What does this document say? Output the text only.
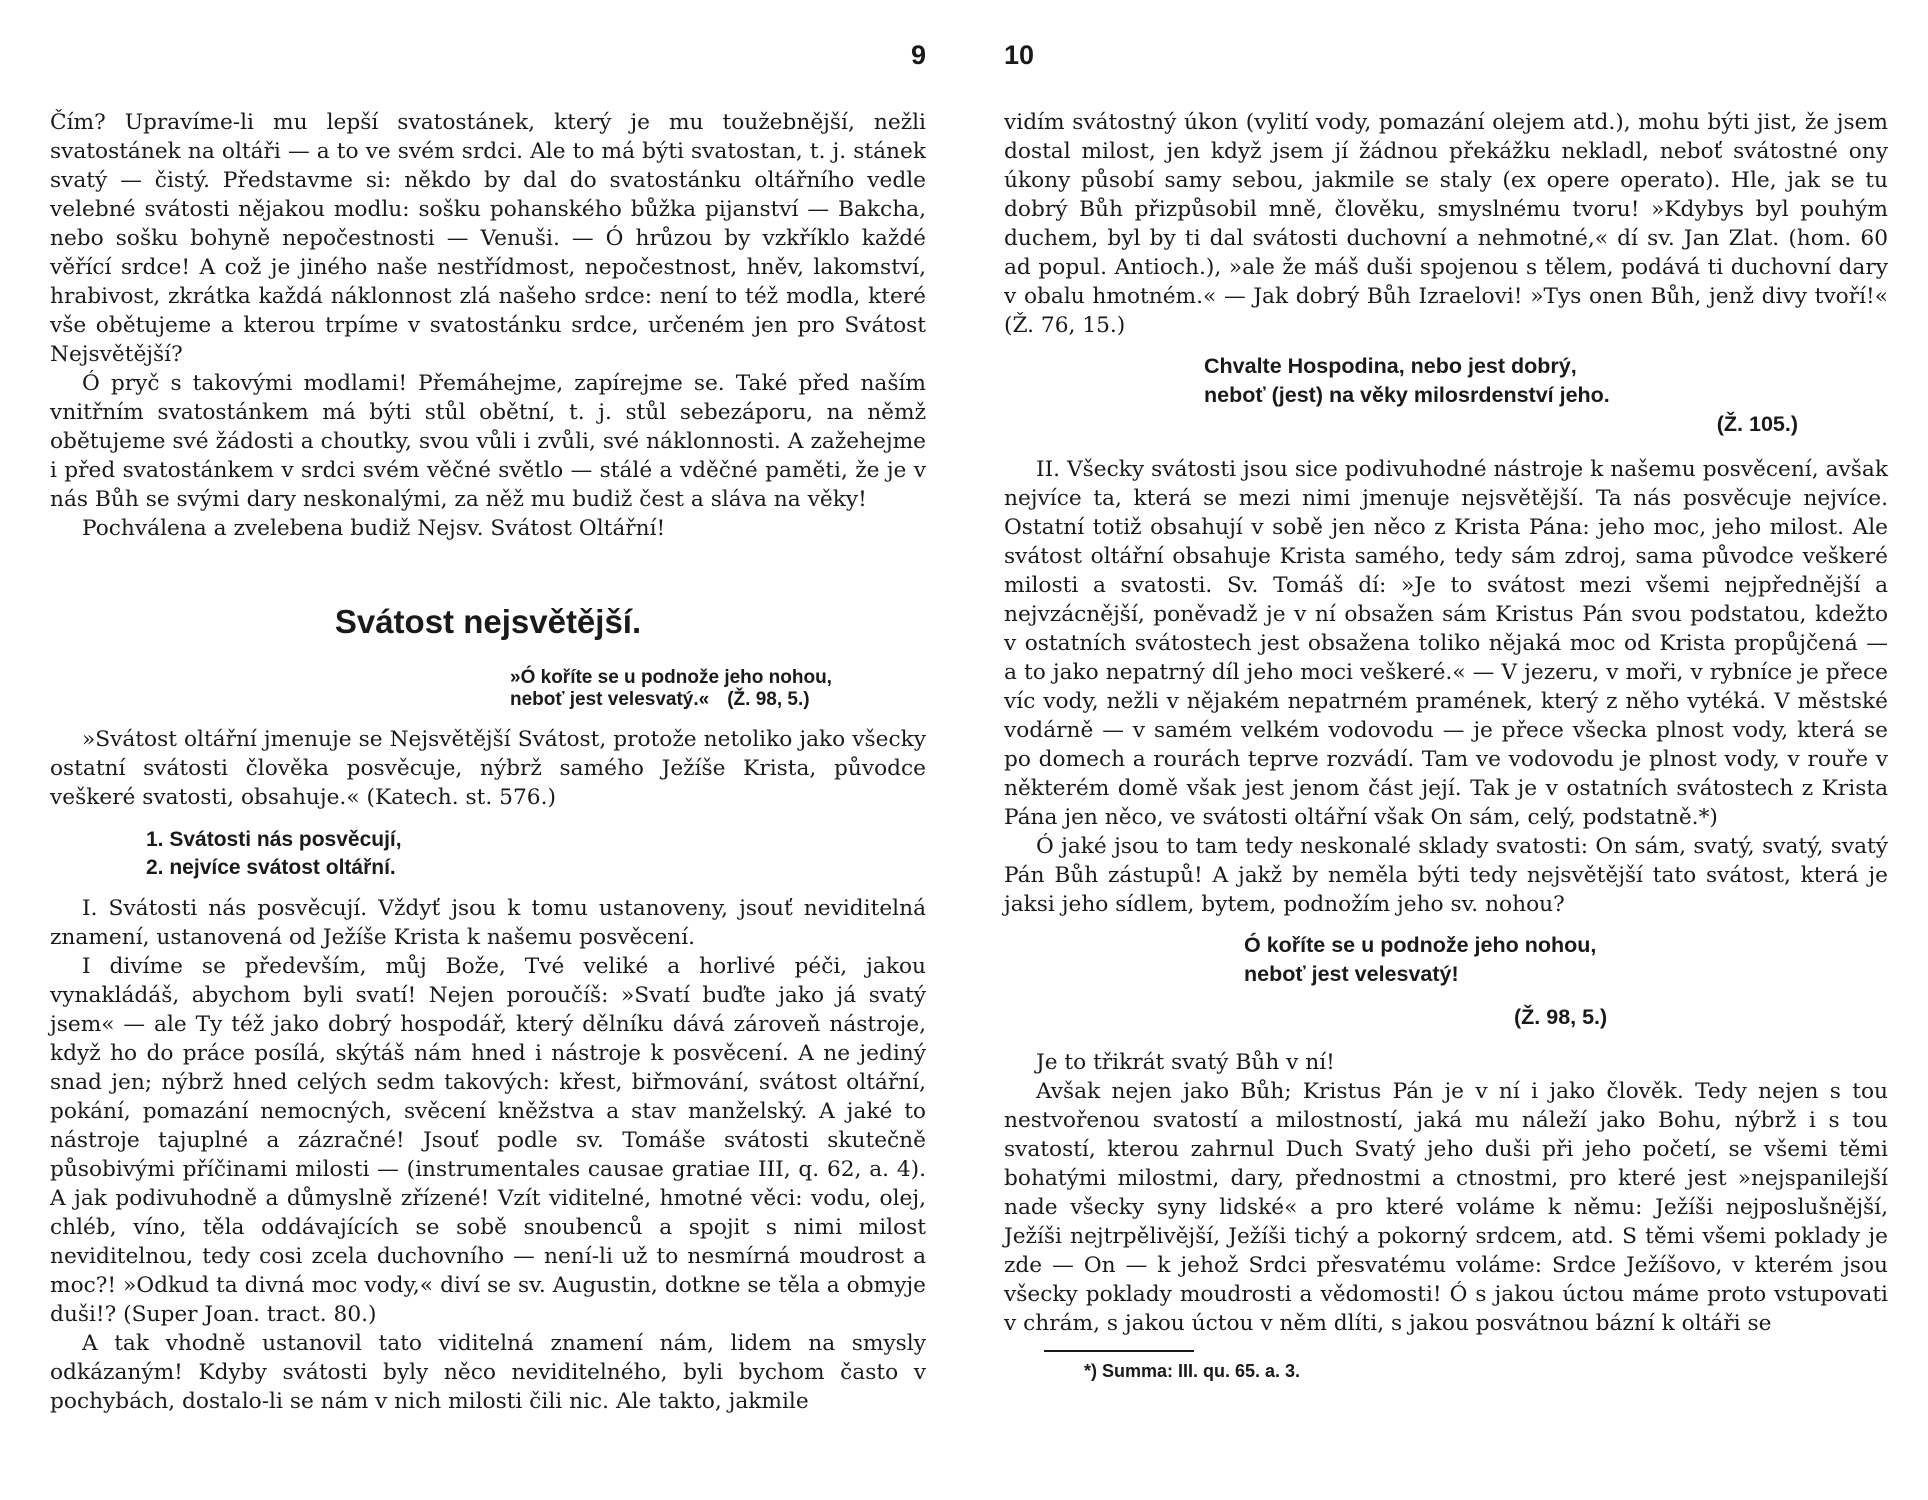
9

Čím? Upravíme-li mu lepší svatostánek, který je mu toužebnější, nežli svatostánek na oltáři — a to ve svém srdci. Ale to má býti svatostan, t. j. stánek svatý — čistý. Představme si: někdo by dal do svatostánku oltářního vedle velebné svátosti nějakou modlu: sošku pohanského bůžka pijanství — Bakcha, nebo sošku bohyně nepočestnosti — Venuši. — Ó hrůzou by vzkříklo každé věřící srdce! A což je jiného naše nestřídmost, nepočestnost, hněv, lakomství, hrabivost, zkrátka každá náklonnost zlá našeho srdce: není to též modla, které vše obětujeme a kterou trpíme v svatostánku srdce, určeném jen pro Svátost Nejsvětější?

Ó pryč s takovými modlami! Přemáhejme, zapírejme se. Také před naším vnitřním svatostánkem má býti stůl obětní, t. j. stůl sebezáporu, na němž obětujeme své žádosti a choutky, svou vůli i zvůli, své náklonnosti. A zažehejme i před svatostánkem v srdci svém věčné světlo — stálé a vděčné paměti, že je v nás Bůh se svými dary neskonalými, za něž mu budiž čest a sláva na věky!

Pochválena a zvelebena budiž Nejsv. Svátost Oltářní!

Svátost nejsvětější.
»Ó koříte se u podnože jeho nohou,
neboť jest velesvatý.« (Ž. 98, 5.)

»Svátost oltářní jmenuje se Nejsvětější Svátost, protože netoliko jako všecky ostatní svátosti člověka posvěcuje, nýbrž samého Ježíše Krista, původce veškeré svatosti, obsahuje.« (Katech. st. 576.)

1. Svátosti nás posvěcují,
2. nejvíce svátost oltářní.

I. Svátosti nás posvěcují. Vždyť jsou k tomu ustanoveny, jsouť neviditelná znamení, ustanovená od Ježíše Krista k našemu posvěcení.

I divíme se především, můj Bože, Tvé veliké a horlivé péči, jakou vynakládáš, abychom byli svatí! Nejen poroučíš: »Svatí buďte jako já svatý jsem« — ale Ty též jako dobrý hospodář, který dělníku dává zároveň nástroje, když ho do práce posílá, skýtáš nám hned i nástroje k posvěcení. A ne jediný snad jen; nýbrž hned celých sedm takových: křest, biřmování, svátost oltářní, pokání, pomazání nemocných, svěcení kněžstva a stav manželský. A jaké to nástroje tajuplné a zázračné! Jsouť podle sv. Tomáše svátosti skutečně působivými příčinami milosti — (instrumentales causae gratiae III, q. 62, a. 4). A jak podivuhodně a důmyslně zřízené! Vzít viditelné, hmotné věci: vodu, olej, chléb, víno, těla oddávajících se sobě snoubenců a spojit s nimi milost neviditelnou, tedy cosi zcela duchovního — není-li už to nesmírná moudrost a moc?! »Odkud ta divná moc vody,« diví se sv. Augustin, dotkne se těla a obmyje duši!? (Super Joan. tract. 80.)

A tak vhodně ustanovil tato viditelná znamení nám, lidem na smysly odkázaným! Kdyby svátosti byly něco neviditelného, byli bychom často v pochybách, dostalo-li se nám v nich milosti čili nic. Ale takto, jakmile

10

vidím svátostný úkon (vylití vody, pomazání olejem atd.), mohu býti jist, že jsem dostal milost, jen když jsem jí žádnou překážku nekladl, neboť svátostné ony úkony působí samy sebou, jakmile se staly (ex opere operato). Hle, jak se tu dobrý Bůh přizpůsobil mně, člověku, smyslnému tvoru! »Kdybys byl pouhým duchem, byl by ti dal svátosti duchovní a nehmotné,« dí sv. Jan Zlat. (hom. 60 ad popul. Antioch.), »ale že máš duši spojenou s tělem, podává ti duchovní dary v obalu hmotném.« — Jak dobrý Bůh Izraelovi! »Tys onen Bůh, jenž divy tvoří!« (Ž. 76, 15.)

Chvalte Hospodina, nebo jest dobrý,
neboť (jest) na věky milosrdenství jeho.
(Ž. 105.)

II. Všecky svátosti jsou sice podivuhodné nástroje k našemu posvěcení, avšak nejvíce ta, která se mezi nimi jmenuje nejsvětější. Ta nás posvěcuje nejvíce. Ostatní totiž obsahují v sobě jen něco z Krista Pána: jeho moc, jeho milost. Ale svátost oltářní obsahuje Krista samého, tedy sám zdroj, sama původce veškeré milosti a svatosti. Sv. Tomáš dí: »Je to svátost mezi všemi nejpřednější a nejvzácnější, poněvadž je v ní obsažen sám Kristus Pán svou podstatou, kdežto v ostatních svátostech jest obsažena toliko nějaká moc od Krista propůjčená — a to jako nepatrný díl jeho moci veškeré.« — V jezeru, v moři, v rybníce je přece víc vody, nežli v nějakém nepatrném pramének, který z něho vytéká. V městské vodárně — v samém velkém vodovodu — je přece všecka plnost vody, která se po domech a rourách teprve rozvádí. Tam ve vodovodu je plnost vody, v rouře v některém domě však jest jenom část její. Tak je v ostatních svátostech z Krista Pána jen něco, ve svátosti oltářní však On sám, celý, podstatně.*)

Ó jaké jsou to tam tedy neskonalé sklady svatosti: On sám, svatý, svatý, svatý Pán Bůh zástupů! A jakž by neměla býti tedy nejsvětější tato svátost, která je jaksi jeho sídlem, bytem, podnožím jeho sv. nohou?

Ó koříte se u podnože jeho nohou,
neboť jest velesvatý!
(Ž. 98, 5.)

Je to třikrát svatý Bůh v ní!

Avšak nejen jako Bůh; Kristus Pán je v ní i jako člověk. Tedy nejen s tou nestvořenou svatostí a milostností, jaká mu náleží jako Bohu, nýbrž i s tou svatostí, kterou zahrnul Duch Svatý jeho duši při jeho početí, se všemi těmi bohatými milostmi, dary, přednostmi a ctnostmi, pro které jest »nejspanilejší nade všecky syny lidské« a pro které voláme k němu: Ježíši nejposlušnější, Ježíši nejtrpělivější, Ježíši tichý a pokorný srdcem, atd. S těmi všemi poklady je zde — On — k jehož Srdci přesvatému voláme: Srdce Ježíšovo, v kterém jsou všecky poklady moudrosti a vědomosti! Ó s jakou úctou máme proto vstupovati v chrám, s jakou úctou v něm dlíti, s jakou posvátnou bázní k oltáři se

*) Summa: III. qu. 65. a. 3.
